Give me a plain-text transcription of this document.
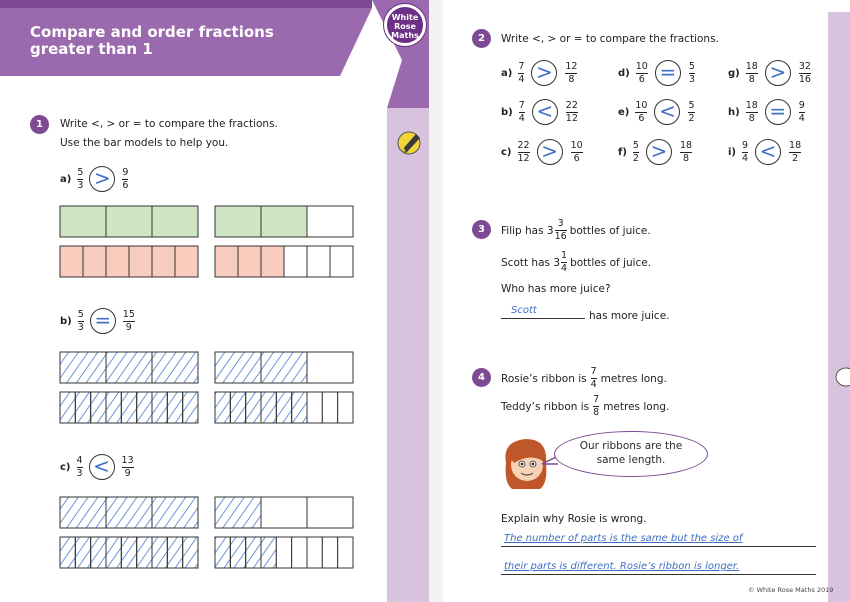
Compare and order fractions
greater than 1
White
Rose
Maths
1	Write <, > or = to compare the fractions.
Use the bar models to help you.
$a) \frac{5}{3} > \frac{9}{6}$
$b) \frac{5}{3} = \frac{15}{9}$
$c) \frac{4}{3} < \frac{13}{9}$
2	Write <, > or = to compare the fractions.
$a) \frac{7}{4} > \frac{12}{8}$	$d) \frac{10}{6} = \frac{5}{3}$	$g) \frac{18}{8} > \frac{32}{16}$
$b) \frac{7}{4} < \frac{22}{12}$	$e) \frac{10}{6} < \frac{5}{2}$	$h) \frac{18}{8} = \frac{9}{4}$
$c) \frac{22}{12} > \frac{10}{6}$	$f) \frac{5}{2} > \frac{18}{8}$	$i) \frac{9}{4} < \frac{18}{2}$
3	Filip has $3 \frac{3}{16}$ bottles of juice.
Scott has $3 \frac{1}{4}$ bottles of juice.
Who has more juice?
Scott	has more juice.
4	Rosie’s ribbon is $\frac{7}{4}$ metres long.
Teddy’s ribbon is $\frac{7}{8}$ metres long.
Our ribbons are the
same length.
Explain why Rosie is wrong.
The number of parts is the same but the size of
their parts is different. Rosie’s ribbon is longer.
© White Rose Maths 2019
